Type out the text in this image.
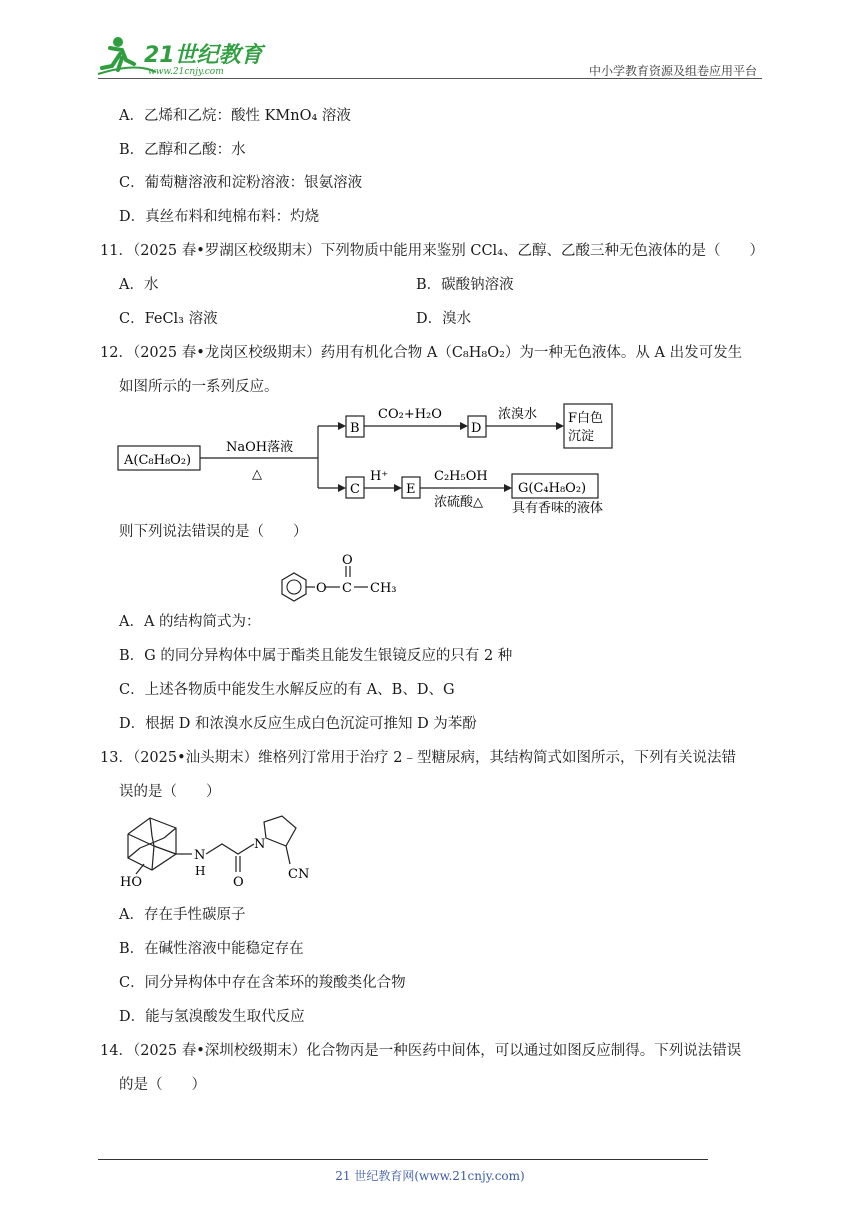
21世纪教育
www.21cnjy.com	中小学教育资源及组卷应用平台
A．乙烯和乙烷：酸性 KMnO₄ 溶液
B．乙醇和乙酸：水
C．葡萄糖溶液和淀粉溶液：银氨溶液
D．真丝布料和纯棉布料：灼烧
11．（2025 春•罗湖区校级期末）下列物质中能用来鉴别 CCl₄、乙醇、乙酸三种无色液体的是（　　）
A．水	B．碳酸钠溶液
C．FeCl₃ 溶液	D．溴水
12．（2025 春•龙岗区校级期末）药用有机化合物 A（C₈H₈O₂）为一种无色液体。从 A 出发可发生
如图所示的一系列反应。
A(C₈H₈O₂)
NaOH落液
△
B
CO₂+H₂O
D
浓溴水 F白色
沉淀
C
H⁺
E
C₂H₅OH
浓硫酸△
G(C₄H₈O₂)
具有香味的液体
则下列说法错误的是（　　）
O C
O
CH₃
A．A 的结构简式为：
B．G 的同分异构体中属于酯类且能发生银镜反应的只有 2 种
C．上述各物质中能发生水解反应的有 A、B、D、G
D．根据 D 和浓溴水反应生成白色沉淀可推知 D 为苯酚
13．（2025•汕头期末）维格列汀常用于治疗 2﹣型糖尿病，其结构简式如图所示，下列有关说法错
误的是（　　）
HO
N
H
O
N
CN
A．存在手性碳原子
B．在碱性溶液中能稳定存在
C．同分异构体中存在含苯环的羧酸类化合物
D．能与氢溴酸发生取代反应
14．（2025 春•深圳校级期末）化合物丙是一种医药中间体，可以通过如图反应制得。下列说法错误
的是（　　）
21 世纪教育网(www.21cnjy.com)
